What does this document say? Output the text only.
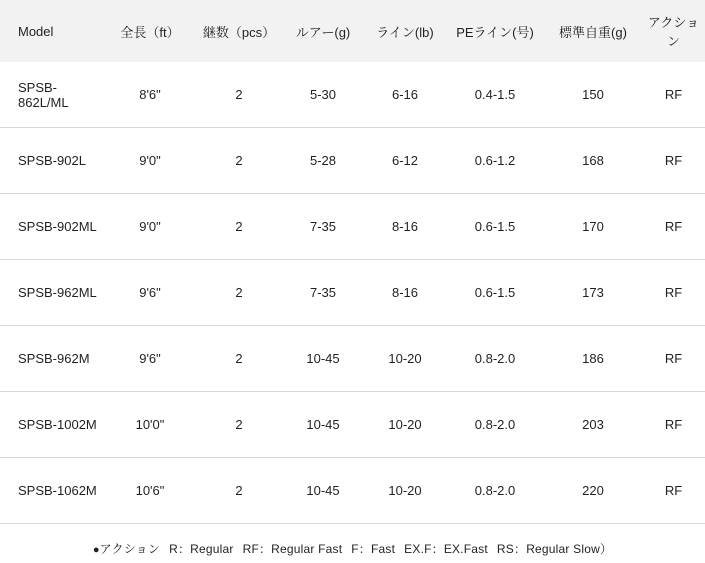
Model	全長（ft）	継数（pcs）	ルアー(g)	ライン(lb)	PEライン(号)	標準自重(g)	アクション
SPSB-862L/ML	8'6"	2	5-30	6-16	0.4-1.5	150	RF
SPSB-902L	9'0"	2	5-28	6-12	0.6-1.2	168	RF
SPSB-902ML	9'0"	2	7-35	8-16	0.6-1.5	170	RF
SPSB-962ML	9'6"	2	7-35	8-16	0.6-1.5	173	RF
SPSB-962M	9'6"	2	10-45	10-20	0.8-2.0	186	RF
SPSB-1002M	10'0"	2	10-45	10-20	0.8-2.0	203	RF
SPSB-1062M	10'6"	2	10-45	10-20	0.8-2.0	220	RF
●アクション R：Regular RF：Regular Fast F：Fast EX.F：EX.Fast RS：Regular Slow）
